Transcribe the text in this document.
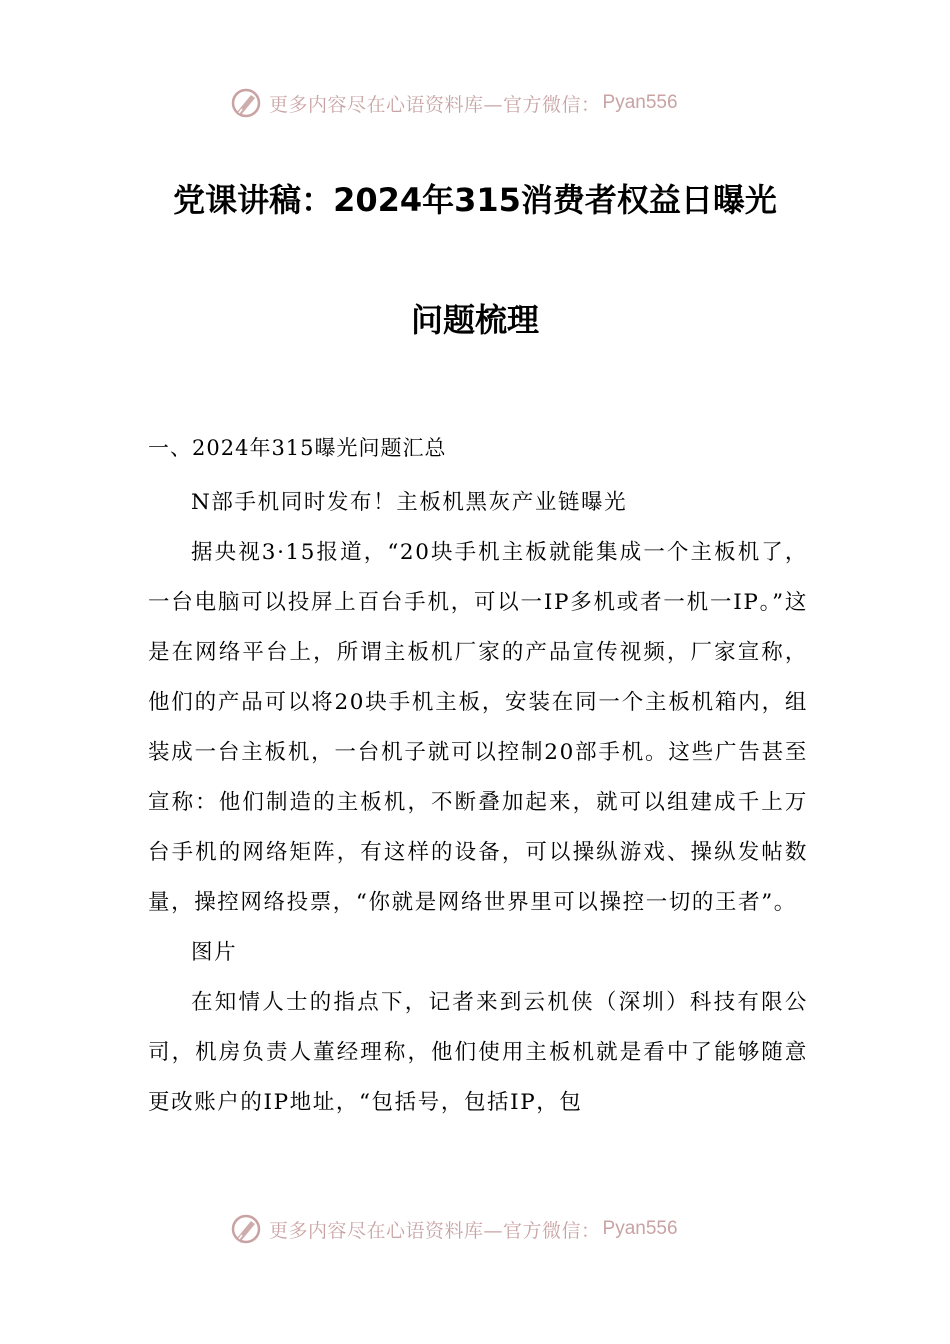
更多内容尽在心语资料库—官方微信： Pyan556
党课讲稿：2024年315消费者权益日曝光
问题梳理
一、2024年315曝光问题汇总

N部手机同时发布！主板机黑灰产业链曝光

据央视3·15报道，“20块手机主板就能集成一个主板机了，一台电脑可以投屏上百台手机，可以一IP多机或者一机一IP。”这是在网络平台上，所谓主板机厂家的产品宣传视频，厂家宣称，他们的产品可以将20块手机主板，安装在同一个主板机箱内，组装成一台主板机，一台机子就可以控制20部手机。这些广告甚至宣称：他们制造的主板机，不断叠加起来，就可以组建成千上万台手机的网络矩阵，有这样的设备，可以操纵游戏、操纵发帖数量，操控网络投票，“你就是网络世界里可以操控一切的王者”。

图片

在知情人士的指点下，记者来到云机侠（深圳）科技有限公司，机房负责人董经理称，他们使用主板机就是看中了能够随意更改账户的IP地址，“包括号，包括IP，包

更多内容尽在心语资料库—官方微信： Pyan556
